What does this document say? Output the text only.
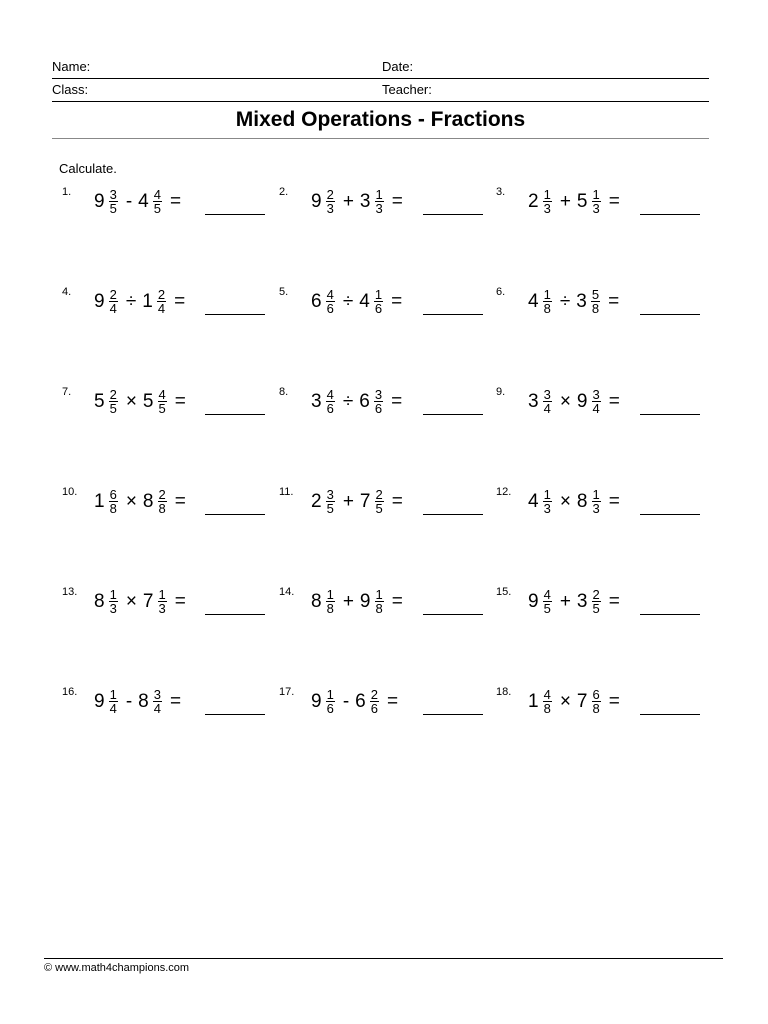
Name:	Date:
Class:	Teacher:
Mixed Operations - Fractions
Calculate.
1. $9 \frac{3}{5} - 4 \frac{4}{5}$ =	2. $9 \frac{2}{3} + 3 \frac{1}{3}$ =	3. $2 \frac{1}{3} + 5 \frac{1}{3}$ =
4. $9 \frac{2}{4} \div 1 \frac{2}{4}$ =	5. $6 \frac{4}{6} \div 4 \frac{1}{6}$ =	6. $4 \frac{1}{8} \div 3 \frac{5}{8}$ =
7. $5 \frac{2}{5} \times 5 \frac{4}{5}$ =	8. $3 \frac{4}{6} \div 6 \frac{3}{6}$ =	9. $3 \frac{3}{4} \times 9 \frac{3}{4}$ =
10. $1 \frac{6}{8} \times 8 \frac{2}{8}$ =	11. $2 \frac{3}{5} + 7 \frac{2}{5}$ =	12. $4 \frac{1}{3} \times 8 \frac{1}{3}$ =
13. $8 \frac{1}{3} \times 7 \frac{1}{3}$ =	14. $8 \frac{1}{8} + 9 \frac{1}{8}$ =	15. $9 \frac{4}{5} + 3 \frac{2}{5}$ =
16. $9 \frac{1}{4} - 8 \frac{3}{4}$ =	17. $9 \frac{1}{6} - 6 \frac{2}{6}$ =	18. $1 \frac{4}{8} \times 7 \frac{6}{8}$ =
© www.math4champions.com
